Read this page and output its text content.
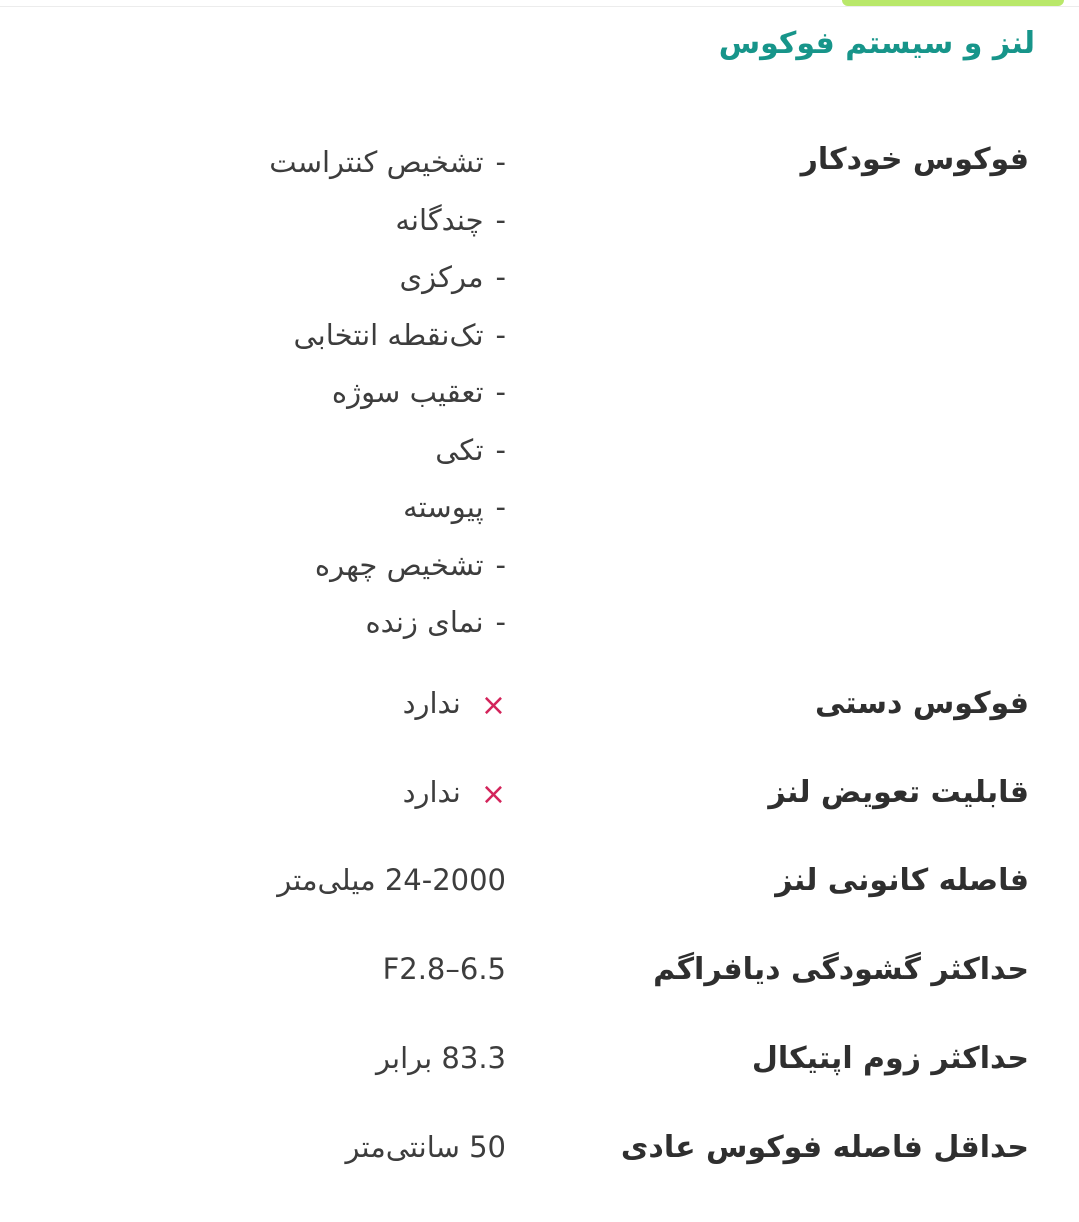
لنز و سیستم فوکوس
فوکوس خودکار
-تشخیص کنتراست
-چندگانه
-مرکزی
-تک‌نقطه انتخابی
-تعقیب سوژه
-تکی
-پیوسته
-تشخیص چهره
-نمای زنده
فوکوس دستی
×ندارد
قابلیت تعویض لنز
×ندارد
فاصله کانونی لنز
24-2000 میلی‌متر
حداکثر گشودگی دیافراگم
F2.8–6.5
حداکثر زوم اپتیکال
83.3 برابر
حداقل فاصله فوکوس عادی
50 سانتی‌متر
